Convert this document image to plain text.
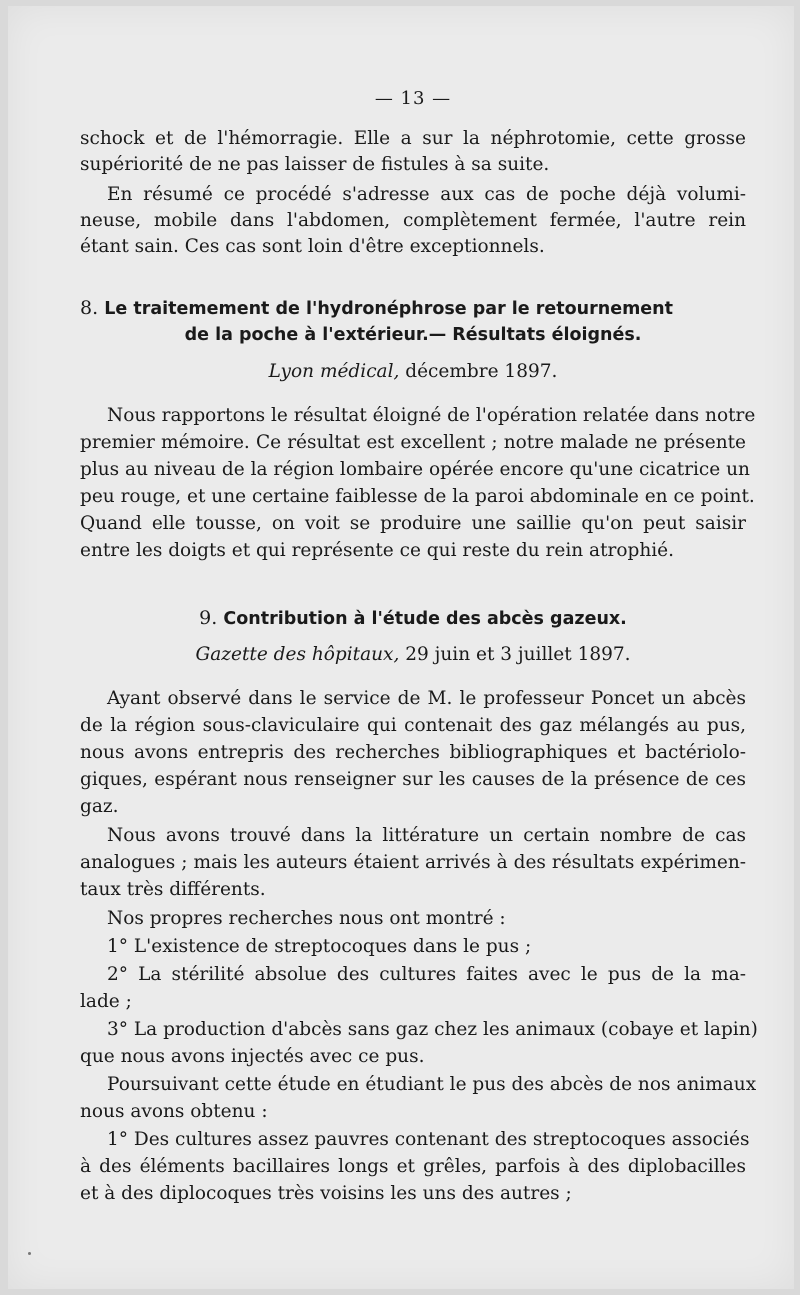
— 13 —
schock et de l'hémorragie. Elle a sur la néphrotomie, cette grosse
supériorité de ne pas laisser de fistules à sa suite.
En résumé ce procédé s'adresse aux cas de poche déjà volumi-
neuse, mobile dans l'abdomen, complètement fermée, l'autre rein
étant sain. Ces cas sont loin d'être exceptionnels.
8. Le traitemement de l'hydronéphrose par le retournement
de la poche à l'extérieur.— Résultats éloignés.
Lyon médical, décembre 1897.
Nous rapportons le résultat éloigné de l'opération relatée dans notre
premier mémoire. Ce résultat est excellent ; notre malade ne présente
plus au niveau de la région lombaire opérée encore qu'une cicatrice un
peu rouge, et une certaine faiblesse de la paroi abdominale en ce point.
Quand elle tousse, on voit se produire une saillie qu'on peut saisir
entre les doigts et qui représente ce qui reste du rein atrophié.
9. Contribution à l'étude des abcès gazeux.
Gazette des hôpitaux, 29 juin et 3 juillet 1897.
Ayant observé dans le service de M. le professeur Poncet un abcès
de la région sous-claviculaire qui contenait des gaz mélangés au pus,
nous avons entrepris des recherches bibliographiques et bactériolo-
giques, espérant nous renseigner sur les causes de la présence de ces
gaz.
Nous avons trouvé dans la littérature un certain nombre de cas
analogues ; mais les auteurs étaient arrivés à des résultats expérimen-
taux très différents.
Nos propres recherches nous ont montré :
1° L'existence de streptocoques dans le pus ;
2° La stérilité absolue des cultures faites avec le pus de la ma-
lade ;
3° La production d'abcès sans gaz chez les animaux (cobaye et lapin)
que nous avons injectés avec ce pus.
Poursuivant cette étude en étudiant le pus des abcès de nos animaux
nous avons obtenu :
1° Des cultures assez pauvres contenant des streptocoques associés
à des éléments bacillaires longs et grêles, parfois à des diplobacilles
et à des diplocoques très voisins les uns des autres ;
